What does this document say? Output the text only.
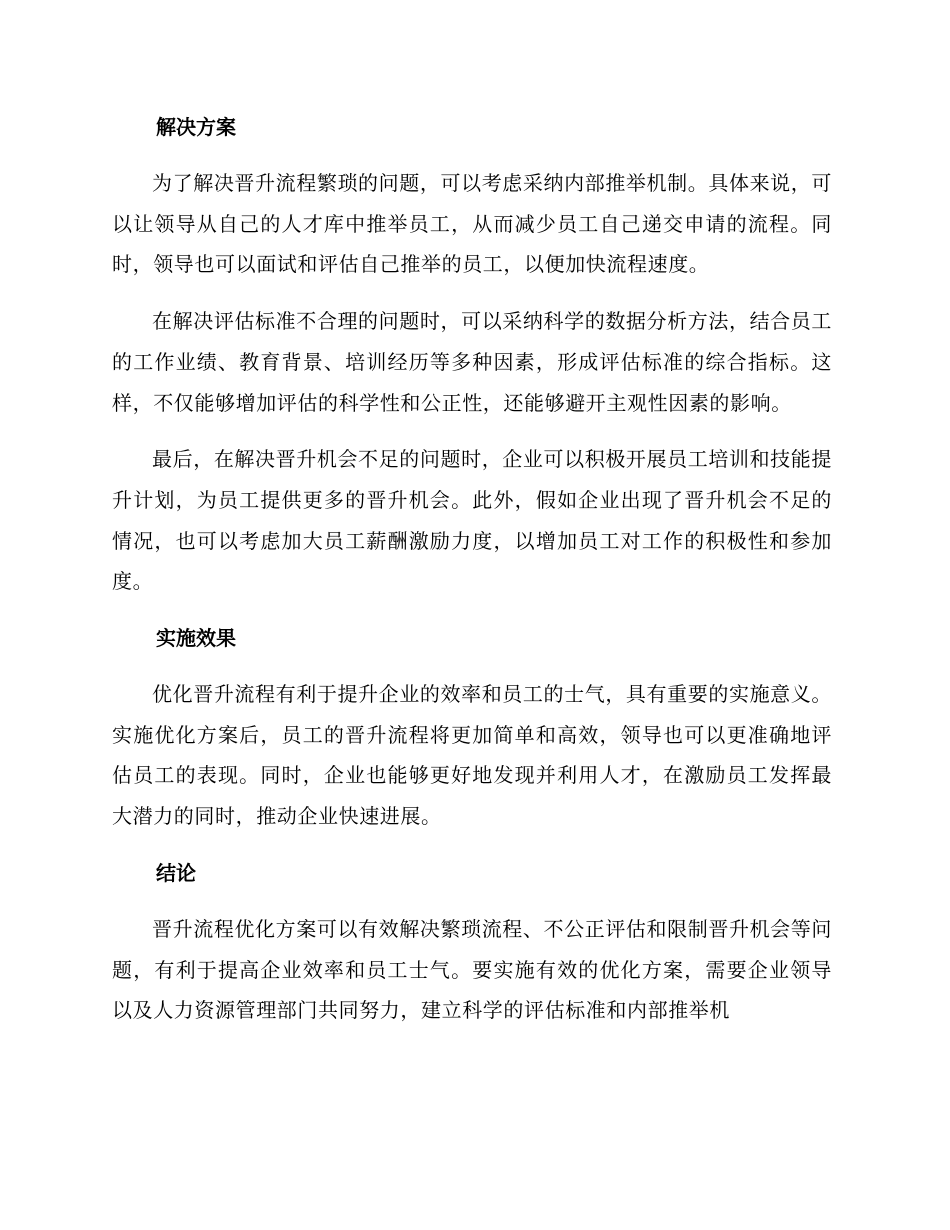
解决方案

为了解决晋升流程繁琐的问题，可以考虑采纳内部推举机制。具体来说，可以让领导从自己的人才库中推举员工，从而减少员工自己递交申请的流程。同时，领导也可以面试和评估自己推举的员工，以便加快流程速度。

在解决评估标准不合理的问题时，可以采纳科学的数据分析方法，结合员工的工作业绩、教育背景、培训经历等多种因素，形成评估标准的综合指标。这样，不仅能够增加评估的科学性和公正性，还能够避开主观性因素的影响。

最后，在解决晋升机会不足的问题时，企业可以积极开展员工培训和技能提升计划，为员工提供更多的晋升机会。此外，假如企业出现了晋升机会不足的情况，也可以考虑加大员工薪酬激励力度，以增加员工对工作的积极性和参加度。

实施效果

优化晋升流程有利于提升企业的效率和员工的士气，具有重要的实施意义。实施优化方案后，员工的晋升流程将更加简单和高效，领导也可以更准确地评估员工的表现。同时，企业也能够更好地发现并利用人才，在激励员工发挥最大潜力的同时，推动企业快速进展。

结论

晋升流程优化方案可以有效解决繁琐流程、不公正评估和限制晋升机会等问题，有利于提高企业效率和员工士气。要实施有效的优化方案，需要企业领导以及人力资源管理部门共同努力，建立科学的评估标准和内部推举机
